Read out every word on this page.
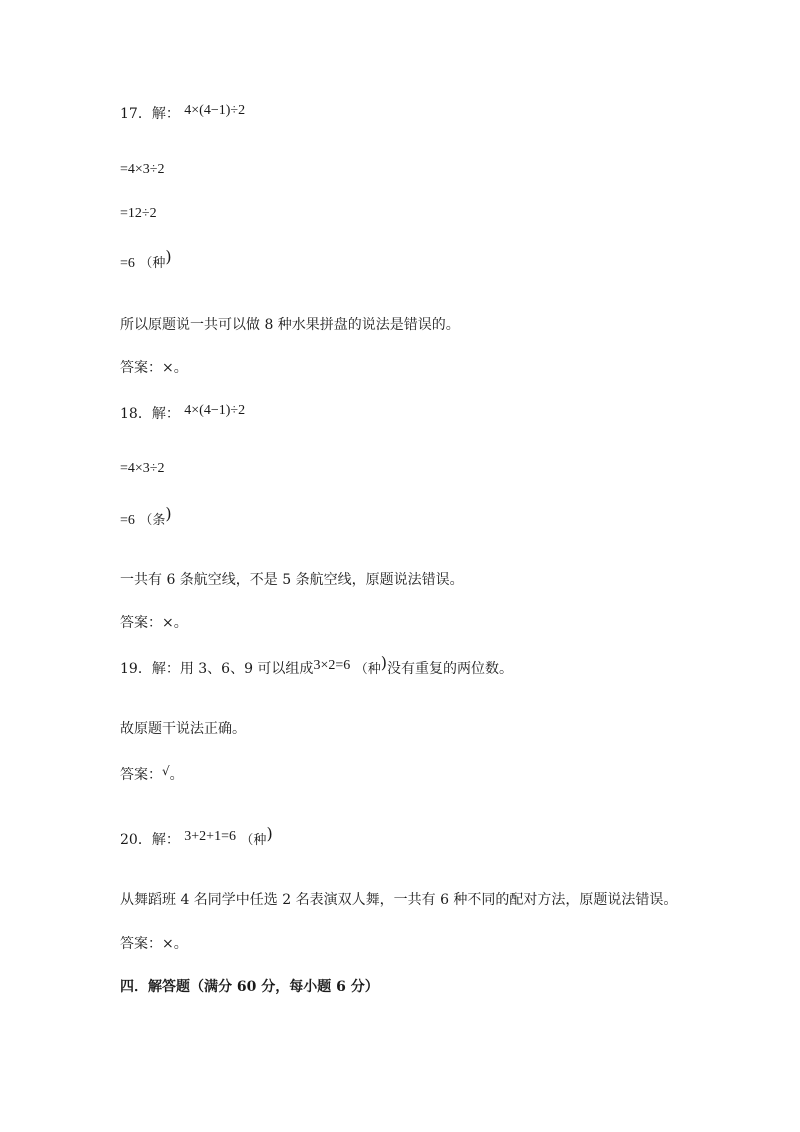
17．解： 4×(4−1)÷2
=4×3÷2
=12÷2
=6 （种)
所以原题说一共可以做 8 种水果拼盘的说法是错误的。
答案：×。
18．解： 4×(4−1)÷2
=4×3÷2
=6 （条)
一共有 6 条航空线，不是 5 条航空线，原题说法错误。
答案：×。
19．解：用 3、6、9 可以组成3×2=6 （种)没有重复的两位数。
故原题干说法正确。
答案：√。
20．解： 3+2+1=6 （种)
从舞蹈班 4 名同学中任选 2 名表演双人舞，一共有 6 种不同的配对方法，原题说法错误。
答案：×。
四．解答题（满分 60 分，每小题 6 分）
